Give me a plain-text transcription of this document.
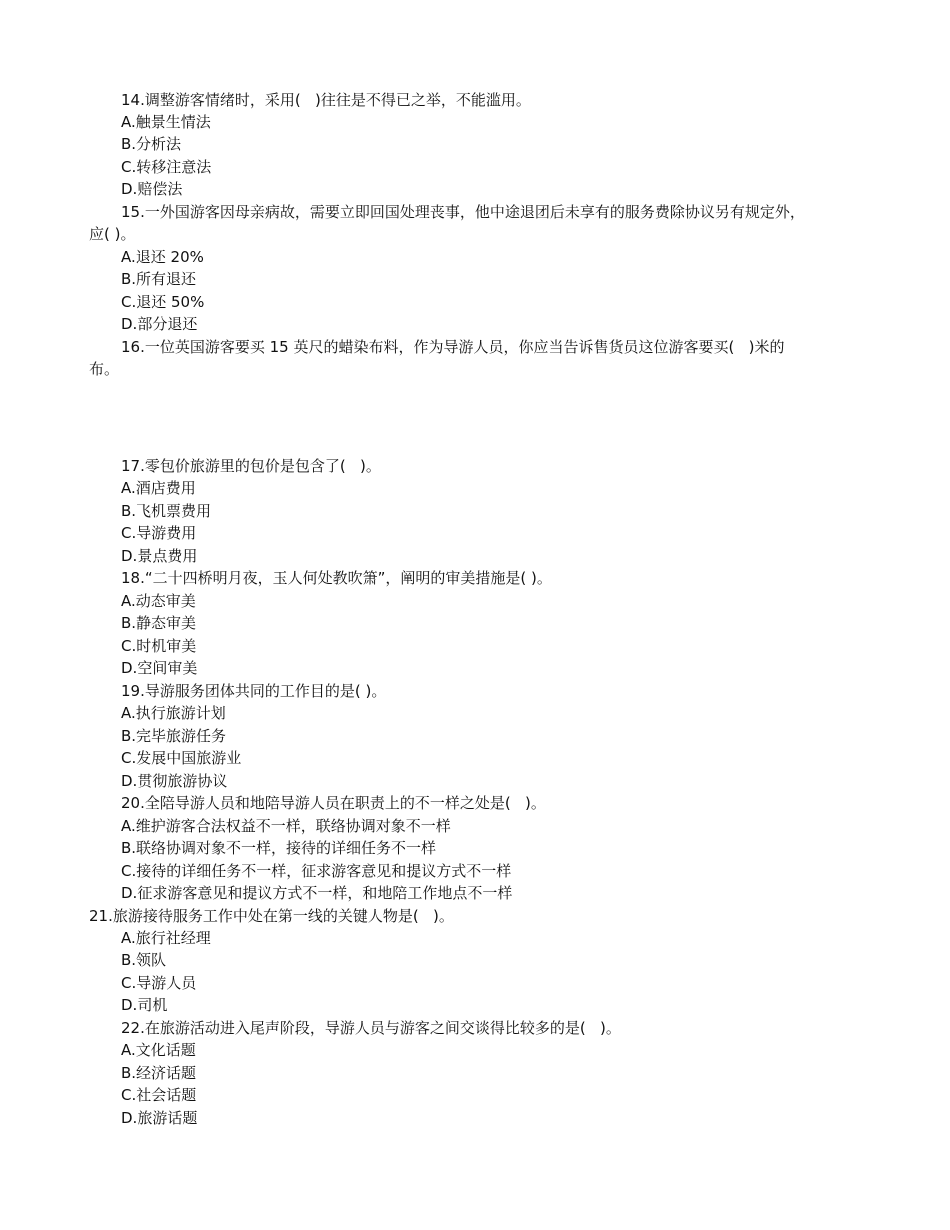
14.调整游客情绪时，采用(   )往往是不得已之举，不能滥用。
A.触景生情法
B.分析法
C.转移注意法
D.赔偿法
15.一外国游客因母亲病故，需要立即回国处理丧事，他中途退团后未享有的服务费除协议另有规定外，
应( )。
A.退还 20%
B.所有退还
C.退还 50%
D.部分退还
16.一位英国游客要买 15 英尺的蜡染布料，作为导游人员，你应当告诉售货员这位游客要买(   )米的
布。
17.零包价旅游里的包价是包含了(   )。
A.酒店费用
B.飞机票费用
C.导游费用
D.景点费用
18.“二十四桥明月夜，玉人何处教吹箫”，阐明的审美措施是( )。
A.动态审美
B.静态审美
C.时机审美
D.空间审美
19.导游服务团体共同的工作目的是( )。
A.执行旅游计划
B.完毕旅游任务
C.发展中国旅游业
D.贯彻旅游协议
20.全陪导游人员和地陪导游人员在职责上的不一样之处是(   )。
A.维护游客合法权益不一样，联络协调对象不一样
B.联络协调对象不一样，接待的详细任务不一样
C.接待的详细任务不一样，征求游客意见和提议方式不一样
D.征求游客意见和提议方式不一样，和地陪工作地点不一样
21.旅游接待服务工作中处在第一线的关键人物是(   )。
A.旅行社经理
B.领队
C.导游人员
D.司机
22.在旅游活动进入尾声阶段，导游人员与游客之间交谈得比较多的是(   )。
A.文化话题
B.经济话题
C.社会话题
D.旅游话题
